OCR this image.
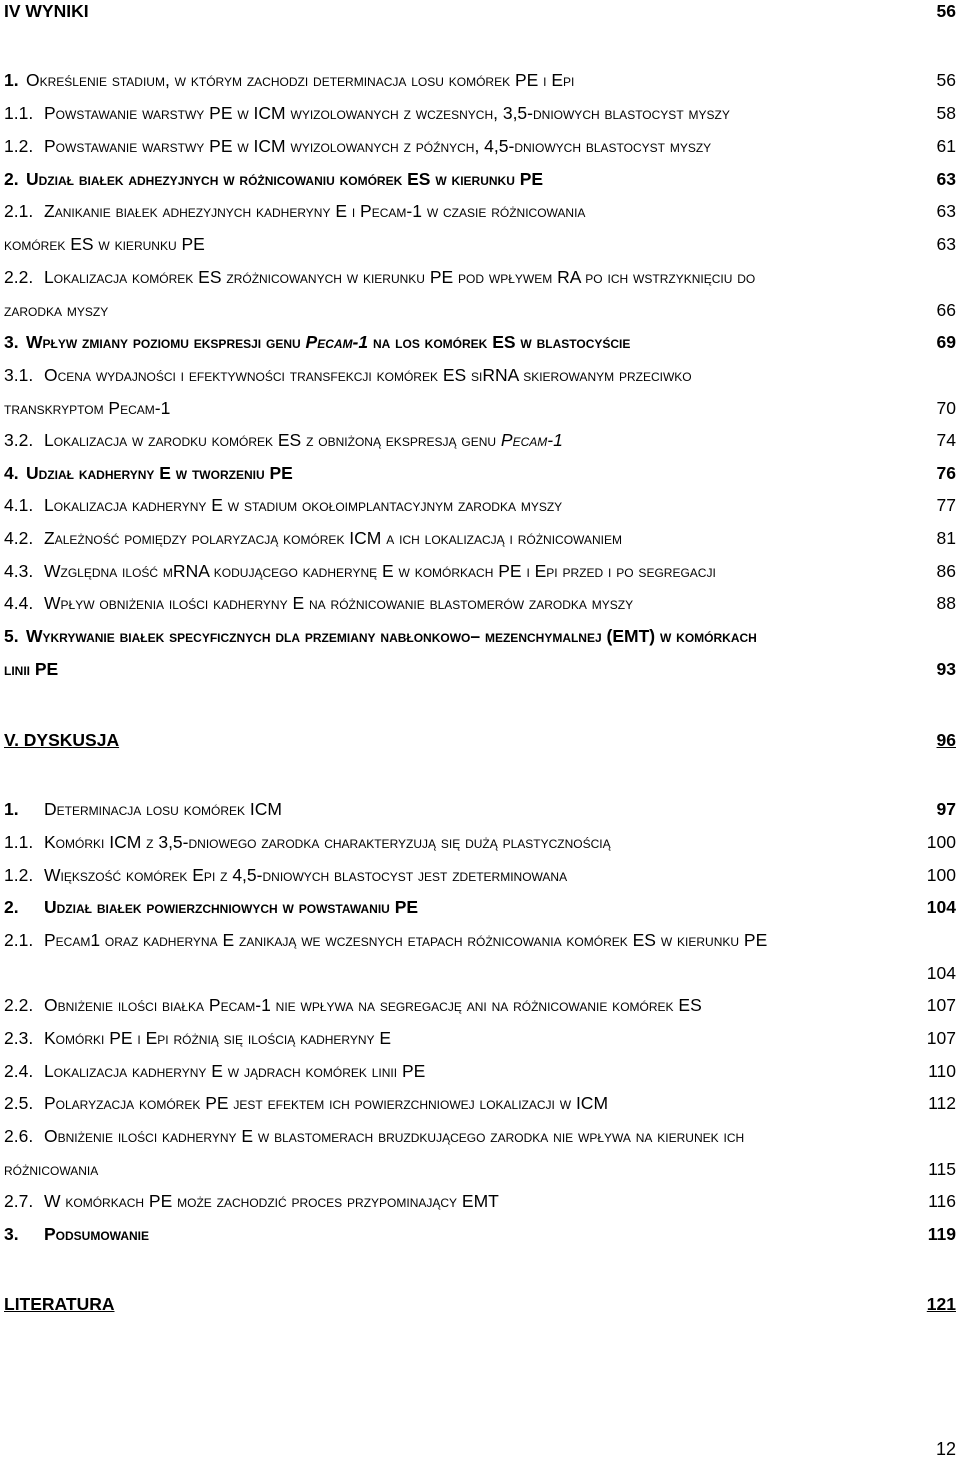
IV WYNIKI	56
1. Określenie stadium, w którym zachodzi determinacja losu komórek PE i Epi	56
1.1. Powstawanie warstwy PE w ICM wyizolowanych z wczesnych, 3,5-dniowych blastocyst myszy	58
1.2. Powstawanie warstwy PE w ICM wyizolowanych z późnych, 4,5-dniowych blastocyst myszy	61
2. Udział białek adhezyjnych w różnicowaniu komórek ES w kierunku PE	63
2.1. Zanikanie białek adhezyjnych kadheryny E i Pecam-1 w czasie różnicowania	63
komórek ES w kierunku PE	63
2.2. Lokalizacja komórek ES zróżnicowanych w kierunku PE pod wpływem RA po ich wstrzyknięciu do
zarodka myszy	66
3. Wpływ zmiany poziomu ekspresji genu Pecam-1 na los komórek ES w blastocyście	69
3.1. Ocena wydajności i efektywności transfekcji komórek ES siRNA skierowanym przeciwko
transkryptom Pecam-1	70
3.2. Lokalizacja w zarodku komórek ES z obniżoną ekspresją genu Pecam-1	74
4. Udział kadheryny E w tworzeniu PE	76
4.1. Lokalizacja kadheryny E w stadium okołoimplantacyjnym zarodka myszy	77
4.2. Zależność pomiędzy polaryzacją komórek ICM a ich lokalizacją i różnicowaniem	81
4.3. Względna ilość mRNA kodującego kadherynę E w komórkach PE i Epi przed i po segregacji	86
4.4. Wpływ obniżenia ilości kadheryny E na różnicowanie blastomerów zarodka myszy	88
5. Wykrywanie białek specyficznych dla przemiany nabłonkowo– mezenchymalnej (EMT) w komórkach
linii PE	93
V. DYSKUSJA	96
1.	Determinacja losu komórek ICM	97
1.1. Komórki ICM z 3,5-dniowego zarodka charakteryzują się dużą plastycznością	100
1.2. Większość komórek Epi z 4,5-dniowych blastocyst jest zdeterminowana	100
2.	Udział białek powierzchniowych w powstawaniu PE	104
2.1. Pecam1 oraz kadheryna E zanikają we wczesnych etapach różnicowania komórek ES w kierunku PE
104
2.2. Obniżenie ilości białka Pecam-1 nie wpływa na segregację ani na różnicowanie komórek ES	107
2.3. Komórki PE i Epi różnią się ilością kadheryny E	107
2.4. Lokalizacja kadheryny E w jądrach komórek linii PE	110
2.5. Polaryzacja komórek PE jest efektem ich powierzchniowej lokalizacji w ICM	112
2.6. Obniżenie ilości kadheryny E w blastomerach bruzdkującego zarodka nie wpływa na kierunek ich
różnicowania	115
2.7. W komórkach PE może zachodzić proces przypominający EMT	116
3.	Podsumowanie	119
LITERATURA	121
12
